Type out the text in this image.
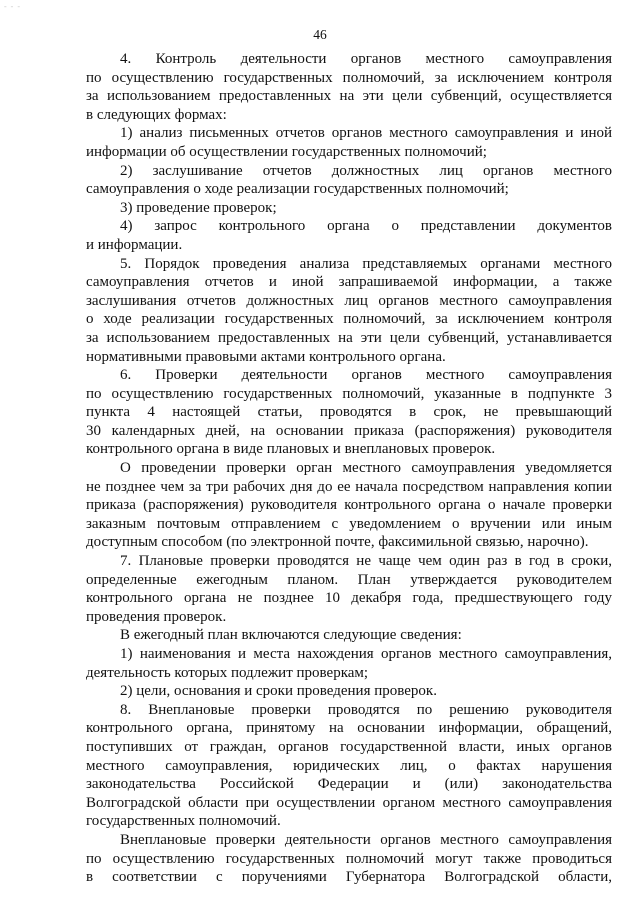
- - -
46
4. Контроль деятельности органов местного самоуправления
по осуществлению государственных полномочий, за исключением контроля
за использованием предоставленных на эти цели субвенций, осуществляется
в следующих формах:
1) анализ письменных отчетов органов местного самоуправления и иной
информации об осуществлении государственных полномочий;
2) заслушивание отчетов должностных лиц органов местного
самоуправления о ходе реализации государственных полномочий;
3) проведение проверок;
4) запрос контрольного органа о представлении документов
и информации.
5. Порядок проведения анализа представляемых органами местного
самоуправления отчетов и иной запрашиваемой информации, а также
заслушивания отчетов должностных лиц органов местного самоуправления
о ходе реализации государственных полномочий, за исключением контроля
за использованием предоставленных на эти цели субвенций, устанавливается
нормативными правовыми актами контрольного органа.
6. Проверки деятельности органов местного самоуправления
по осуществлению государственных полномочий, указанные в подпункте 3
пункта 4 настоящей статьи, проводятся в срок, не превышающий
30 календарных дней, на основании приказа (распоряжения) руководителя
контрольного органа в виде плановых и внеплановых проверок.
О проведении проверки орган местного самоуправления уведомляется
не позднее чем за три рабочих дня до ее начала посредством направления копии
приказа (распоряжения) руководителя контрольного органа о начале проверки
заказным почтовым отправлением с уведомлением о вручении или иным
доступным способом (по электронной почте, факсимильной связью, нарочно).
7. Плановые проверки проводятся не чаще чем один раз в год в сроки,
определенные ежегодным планом. План утверждается руководителем
контрольного органа не позднее 10 декабря года, предшествующего году
проведения проверок.
В ежегодный план включаются следующие сведения:
1) наименования и места нахождения органов местного самоуправления,
деятельность которых подлежит проверкам;
2) цели, основания и сроки проведения проверок.
8. Внеплановые проверки проводятся по решению руководителя
контрольного органа, принятому на основании информации, обращений,
поступивших от граждан, органов государственной власти, иных органов
местного самоуправления, юридических лиц, о фактах нарушения
законодательства Российской Федерации и (или) законодательства
Волгоградской области при осуществлении органом местного самоуправления
государственных полномочий.
Внеплановые проверки деятельности органов местного самоуправления
по осуществлению государственных полномочий могут также проводиться
в соответствии с поручениями Губернатора Волгоградской области,
